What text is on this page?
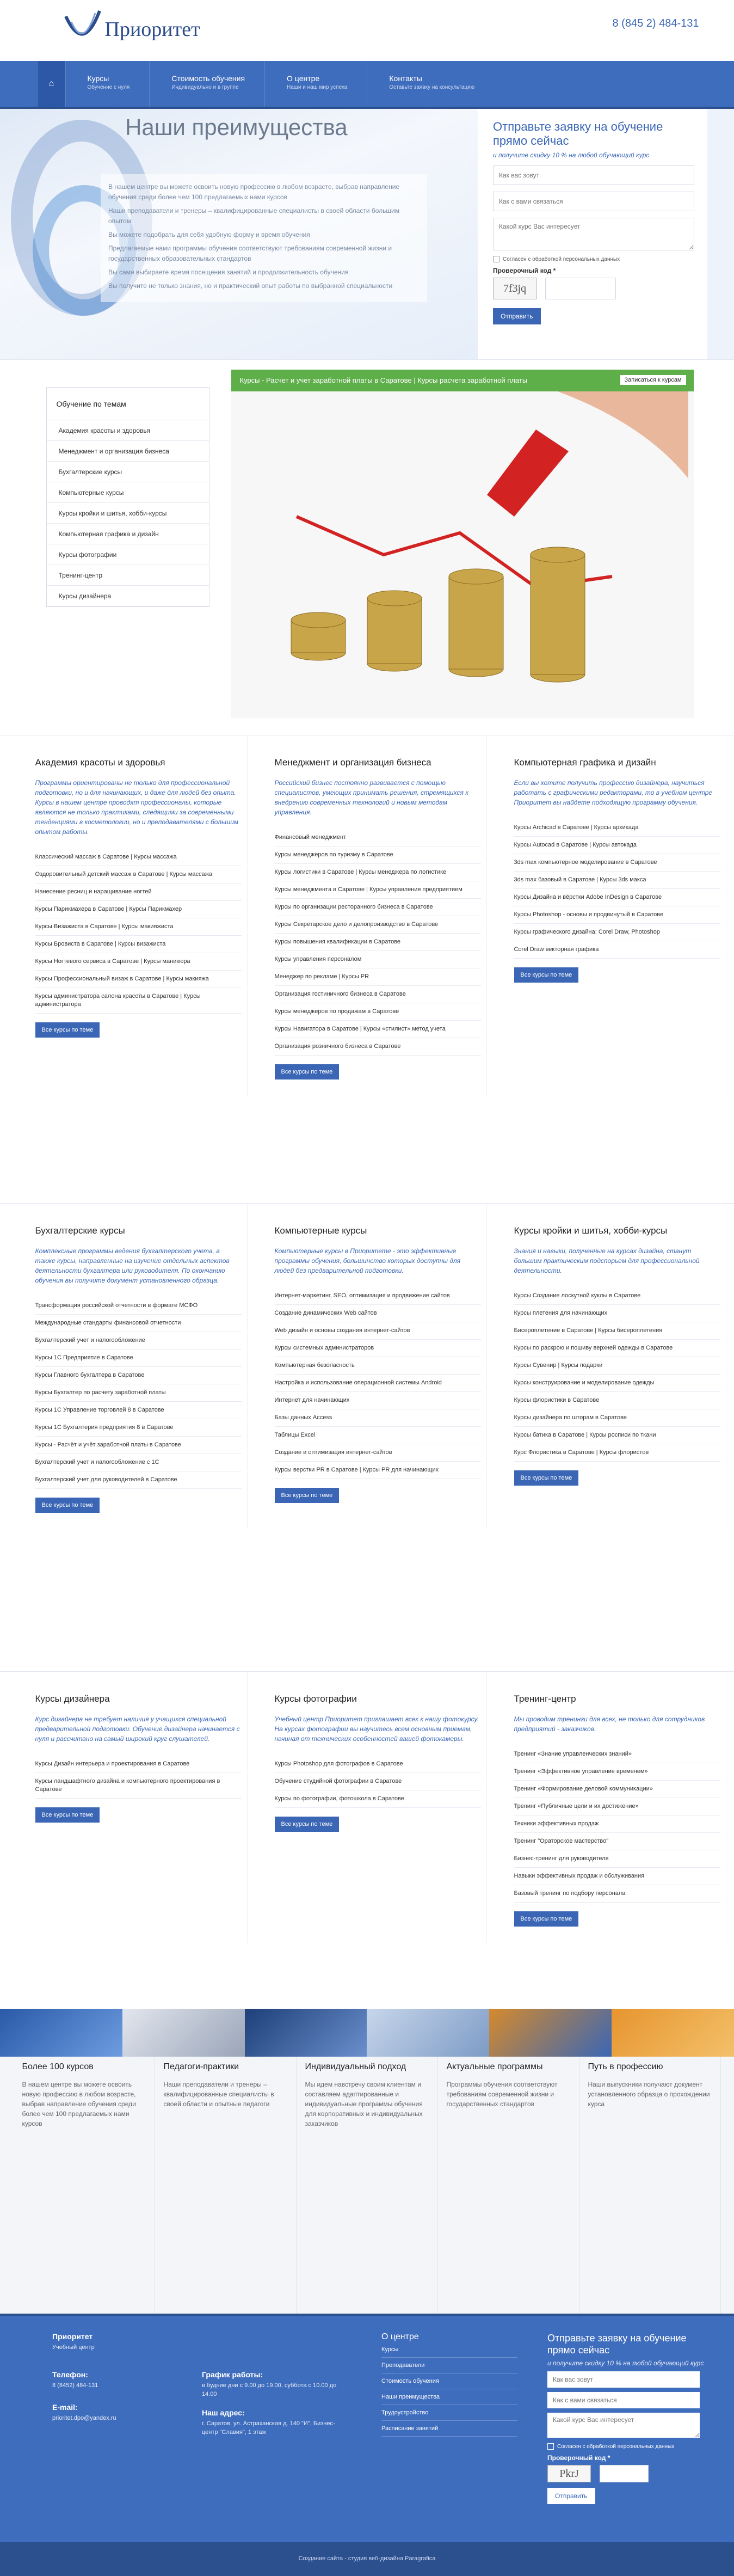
Приоритет	8 (845 2) 484-131
⌂
Курсы
Обучение с нуля
Стоимость обучения
Индивидуально и в группе
О центре
Наши и наш мир успеха
Контакты
Оставьте заявку на консультацию
Наши преимущества

В нашем центре вы можете освоить новую профессию в любом возрасте, выбрав направление обучения среди более чем 100 предлагаемых нами курсов

Наши преподаватели и тренеры – квалифицированные специалисты в своей области большим опытом

Вы можете подобрать для себя удобную форму и время обучения

Предлагаемые нами программы обучения соответствуют требованиям современной жизни и государственных образовательных стандартов

Вы сами выбираете время посещения занятий и продолжительность обучения

Вы получите не только знания, но и практический опыт работы по выбранной специальности

Отправьте заявку на обучение прямо сейчас
и получите скидку 10 % на любой обучающий курс
Как вас зовут
Как с вами связаться
Какой курс Вас интересует
Согласен с обработкой персональных данных
Проверочный код *
7f3jq
Отправить
Обучение по темам
Академия красоты и здоровья
Менеджмент и организация бизнеса
Бухгалтерские курсы
Компьютерные курсы
Курсы кройки и шитья, хобби-курсы
Компьютерная графика и дизайн
Курсы фотографии
Тренинг-центр
Курсы дизайнера
Курсы - Расчет и учет заработной платы в Саратове | Курсы расчета заработной платы	Записаться к курсам
Академия красоты и здоровья
Программы ориентированы не только для профессиональной подготовки, но и для начинающих, и даже для людей без опыта. Курсы в нашем центре проводят профессионалы, которые являются не только практиками, следящими за современными тенденциями в косметологии, но и преподавателями с большим опытом работы.
Классический массаж в Саратове | Курсы массажа
Оздоровительный детский массаж в Саратове | Курсы массажа
Нанесение ресниц и наращивание ногтей
Курсы Парикмахера в Саратове | Курсы Парикмахер
Курсы Визажиста в Саратове | Курсы макияжиста
Курсы Бровиста в Саратове | Курсы визажиста
Курсы Ногтевого сервиса в Саратове | Курсы маникюра
Курсы Профессиональный визаж в Саратове | Курсы макияжа
Курсы администратора салона красоты в Саратове | Курсы администратора
Все курсы по теме
Менеджмент и организация бизнеса
Российский бизнес постоянно развивается с помощью специалистов, умеющих принимать решения, стремящихся к внедрению современных технологий и новым методам управления.
Финансовый менеджмент
Курсы менеджеров по туризму в Саратове
Курсы логистики в Саратове | Курсы менеджера по логистике
Курсы менеджмента в Саратове | Курсы управления предприятием
Курсы по организации ресторанного бизнеса в Саратове
Курсы Секретарское дело и делопроизводство в Саратове
Курсы повышения квалификации в Саратове
Курсы управления персоналом
Менеджер по рекламе | Курсы PR
Организация гостиничного бизнеса в Саратове
Курсы менеджеров по продажам в Саратове
Курсы Навигатора в Саратове | Курсы «стилист» метод учета
Организация розничного бизнеса в Саратове
Все курсы по теме
Компьютерная графика и дизайн
Если вы хотите получить профессию дизайнера, научиться работать с графическими редакторами, то в учебном центре Приоритет вы найдете подходящую программу обучения.
Курсы Archicad в Саратове | Курсы архикада
Курсы Autocad в Саратове | Курсы автокада
3ds max компьютерное моделирование в Саратове
3ds max базовый в Саратове | Курсы 3ds макса
Курсы Дизайна и вёрстки Adobe InDesign в Саратове
Курсы Photoshop - основы и продвинутый в Саратове
Курсы графического дизайна: Corel Draw, Photoshop
Corel Draw векторная графика
Все курсы по теме
Бухгалтерские курсы
Комплексные программы ведения бухгалтерского учета, а также курсы, направленные на изучение отдельных аспектов деятельности бухгалтера или руководителя. По окончанию обучения вы получите документ установленного образца.
Трансформация российской отчетности в формате МСФО
Международные стандарты финансовой отчетности
Бухгалтерский учет и налогообложение
Курсы 1С Предприятие в Саратове
Курсы Главного бухгалтера в Саратове
Курсы Бухгалтер по расчету заработной платы
Курсы 1С Управление торговлей 8 в Саратове
Курсы 1С Бухгалтерия предприятия 8 в Саратове
Курсы - Расчёт и учёт заработной платы в Саратове
Бухгалтерский учет и налогообложение с 1С
Бухгалтерский учет для руководителей в Саратове
Все курсы по теме
Компьютерные курсы
Компьютерные курсы в Приоритете - это эффективные программы обучения, большинство которых доступны для людей без предварительной подготовки.
Интернет-маркетинг, SEO, оптимизация и продвижение сайтов
Создание динамических Web сайтов
Web дизайн и основы создания интернет-сайтов
Курсы системных администраторов
Компьютерная безопасность
Настройка и использование операционной системы Android
Интернет для начинающих
Базы данных Access
Таблицы Excel
Создание и оптимизация интернет-сайтов
Курсы верстки PR в Саратове | Курсы PR для начинающих
Все курсы по теме
Курсы кройки и шитья, хобби-курсы
Знания и навыки, полученные на курсах дизайна, станут большим практическим подспорьем для профессиональной деятельности.
Курсы Создание лоскутной куклы в Саратове
Курсы плетения для начинающих
Бисероплетение в Саратове | Курсы бисероплетения
Курсы по раскрою и пошиву верхней одежды в Саратове
Курсы Сувенир | Курсы подарки
Курсы конструирование и моделирование одежды
Курсы флористики в Саратове
Курсы дизайнера по шторам в Саратове
Курсы батика в Саратове | Курсы росписи по ткани
Курс Флористика в Саратове | Курсы флористов
Все курсы по теме
Курсы дизайнера
Курс дизайнера не требует наличия у учащихся специальной предварительной подготовки. Обучение дизайнера начинается с нуля и рассчитано на самый широкий круг слушателей.
Курсы Дизайн интерьера и проектирования в Саратове
Курсы ландшафтного дизайна и компьютерного проектирования в Саратове
Все курсы по теме
Курсы фотографии
Учебный центр Приоритет приглашает всех к нашу фотокурсу. На курсах фотографии вы научитесь всем основным приемам, начиная от технических особенностей вашей фотокамеры.
Курсы Photoshop для фотографов в Саратове
Обучение студийной фотографии в Саратове
Курсы по фотографии, фотошкола в Саратове
Все курсы по теме
Тренинг-центр
Мы проводим тренинги для всех, не только для сотрудников предприятий - заказчиков.
Тренинг «Знание управленческих знаний»
Тренинг «Эффективное управление временем»
Тренинг «Формирование деловой коммуникации»
Тренинг «Публичные цели и их достижение»
Техники эффективных продаж
Тренинг "Ораторское мастерство"
Бизнес-тренинг для руководителя
Навыки эффективных продаж и обслуживания
Базовый тренинг по подбору персонала
Все курсы по теме
Более 100 курсов

В нашем центре вы можете освоить новую профессию в любом возрасте, выбрав направление обучения среди более чем 100 предлагаемых нами курсов

Педагоги-практики

Наши преподаватели и тренеры – квалифицированные специалисты в своей области и опытные педагоги

Индивидуальный подход

Мы идем навстречу своим клиентам и составляем адаптированные и индивидуальные программы обучения для корпоративных и индивидуальных заказчиков

Актуальные программы

Программы обучения соответствуют требованиям современной жизни и государственных стандартов

Путь в профессию

Наши выпускники получают документ установленного образца о прохождении курса

Приоритет
Учебный центр
Телефон:
8 (8452) 484-131
E-mail:
prioritet.dpo@yandex.ru
График работы:
в будние дни с 9.00 до 19.00, суббота с 10.00 до 14.00
Наш адрес:
г. Саратов, ул. Астраханская д. 140 "И", Бизнес-центр "Славия", 1 этаж
О центре
Курсы
Преподаватели
Стоимость обучения
Наши преимущества
Трудоустройство
Расписание занятий
Отправьте заявку на обучение прямо сейчас
и получите скидку 10 % на любой обучающий курс
Как вас зовут
Как с вами связаться
Какой курс Вас интересует
Согласен с обработкой персональных данных
Проверочный код *
PkrJ
Отправить
Создание сайта - студия веб-дизайна Paragrafica
